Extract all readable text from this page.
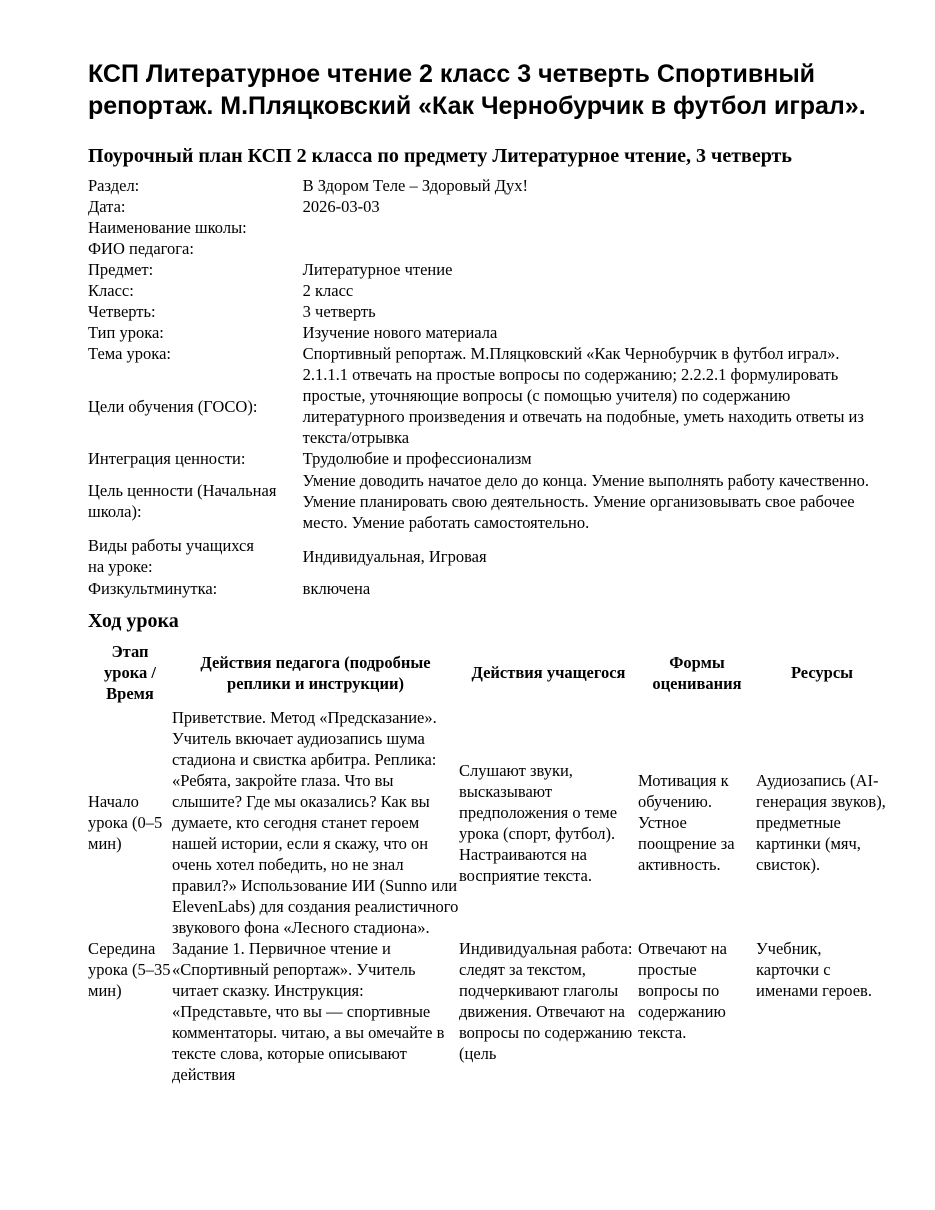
КСП Литературное чтение 2 класс 3 четверть Спортивный репортаж. М.Пляцковский «Как Чернобурчик в футбол играл».
Поурочный план КСП 2 класса по предмету Литературное чтение, 3 четверть
Раздел:	В Здором Теле – Здоровый Дух!
Дата:	2026-03-03
Наименование школы:	
ФИО педагога:	
Предмет:	Литературное чтение
Класс:	2 класс
Четверть:	3 четверть
Тип урока:	Изучение нового материала
Тема урока:	Спортивный репортаж. М.Пляцковский «Как Чернобурчик в футбол играл».
Цели обучения (ГОСО):	2.1.1.1 отвечать на простые вопросы по содержанию; 2.2.2.1 формулировать простые, уточняющие вопросы (с помощью учителя) по содержанию литературного произведения и отвечать на подобные, уметь находить ответы из текста/отрывка
Интеграция ценности:	Трудолюбие и профессионализм
Цель ценности (Начальная школа):	Умение доводить начатое дело до конца. Умение выполнять работу качественно. Умение планировать свою деятельность. Умение организовывать свое рабочее место. Умение работать самостоятельно.
Виды работы учащихся на уроке:	Индивидуальная, Игровая
Физкультминутка:	включена
Ход урока
Этап урока / Время	Действия педагога (подробные реплики и инструкции)	Действия учащегося	Формы оценивания	Ресурсы
Начало урока (0–5 мин)	Приветствие. Метод «Предсказание». Учитель вкючает аудиозапись шума стадиона и свистка арбитра. Реплика: «Ребята, закройте глаза. Что вы слышите? Где мы оказались? Как вы думаете, кто сегодня станет героем нашей истории, если я скажу, что он очень хотел победить, но не знал правил?» Использование ИИ (Sunno или ElevenLabs) для создания реалистичного звукового фона «Лесного стадиона».	Слушают звуки, высказывают предположения о теме урока (спорт, футбол). Настраиваются на восприятие текста.	Мотивация к обучению. Устное поощрение за активность.	Аудиозапись (AI-генерация звуков), предметные картинки (мяч, свисток).
Середина урока (5–35 мин)	Задание 1. Первичное чтение и «Спортивный репортаж». Учитель читает сказку. Инструкция: «Представьте, что вы — спортивные комментаторы. читаю, а вы омечайте в тексте слова, которые описывают действия	Индивидуальная работа: следят за текстом, подчеркивают глаголы движения. Отвечают на вопросы по содержанию (цель	Отвечают на простые вопросы по содержанию текста.	Учебник, карточки с именами героев.
